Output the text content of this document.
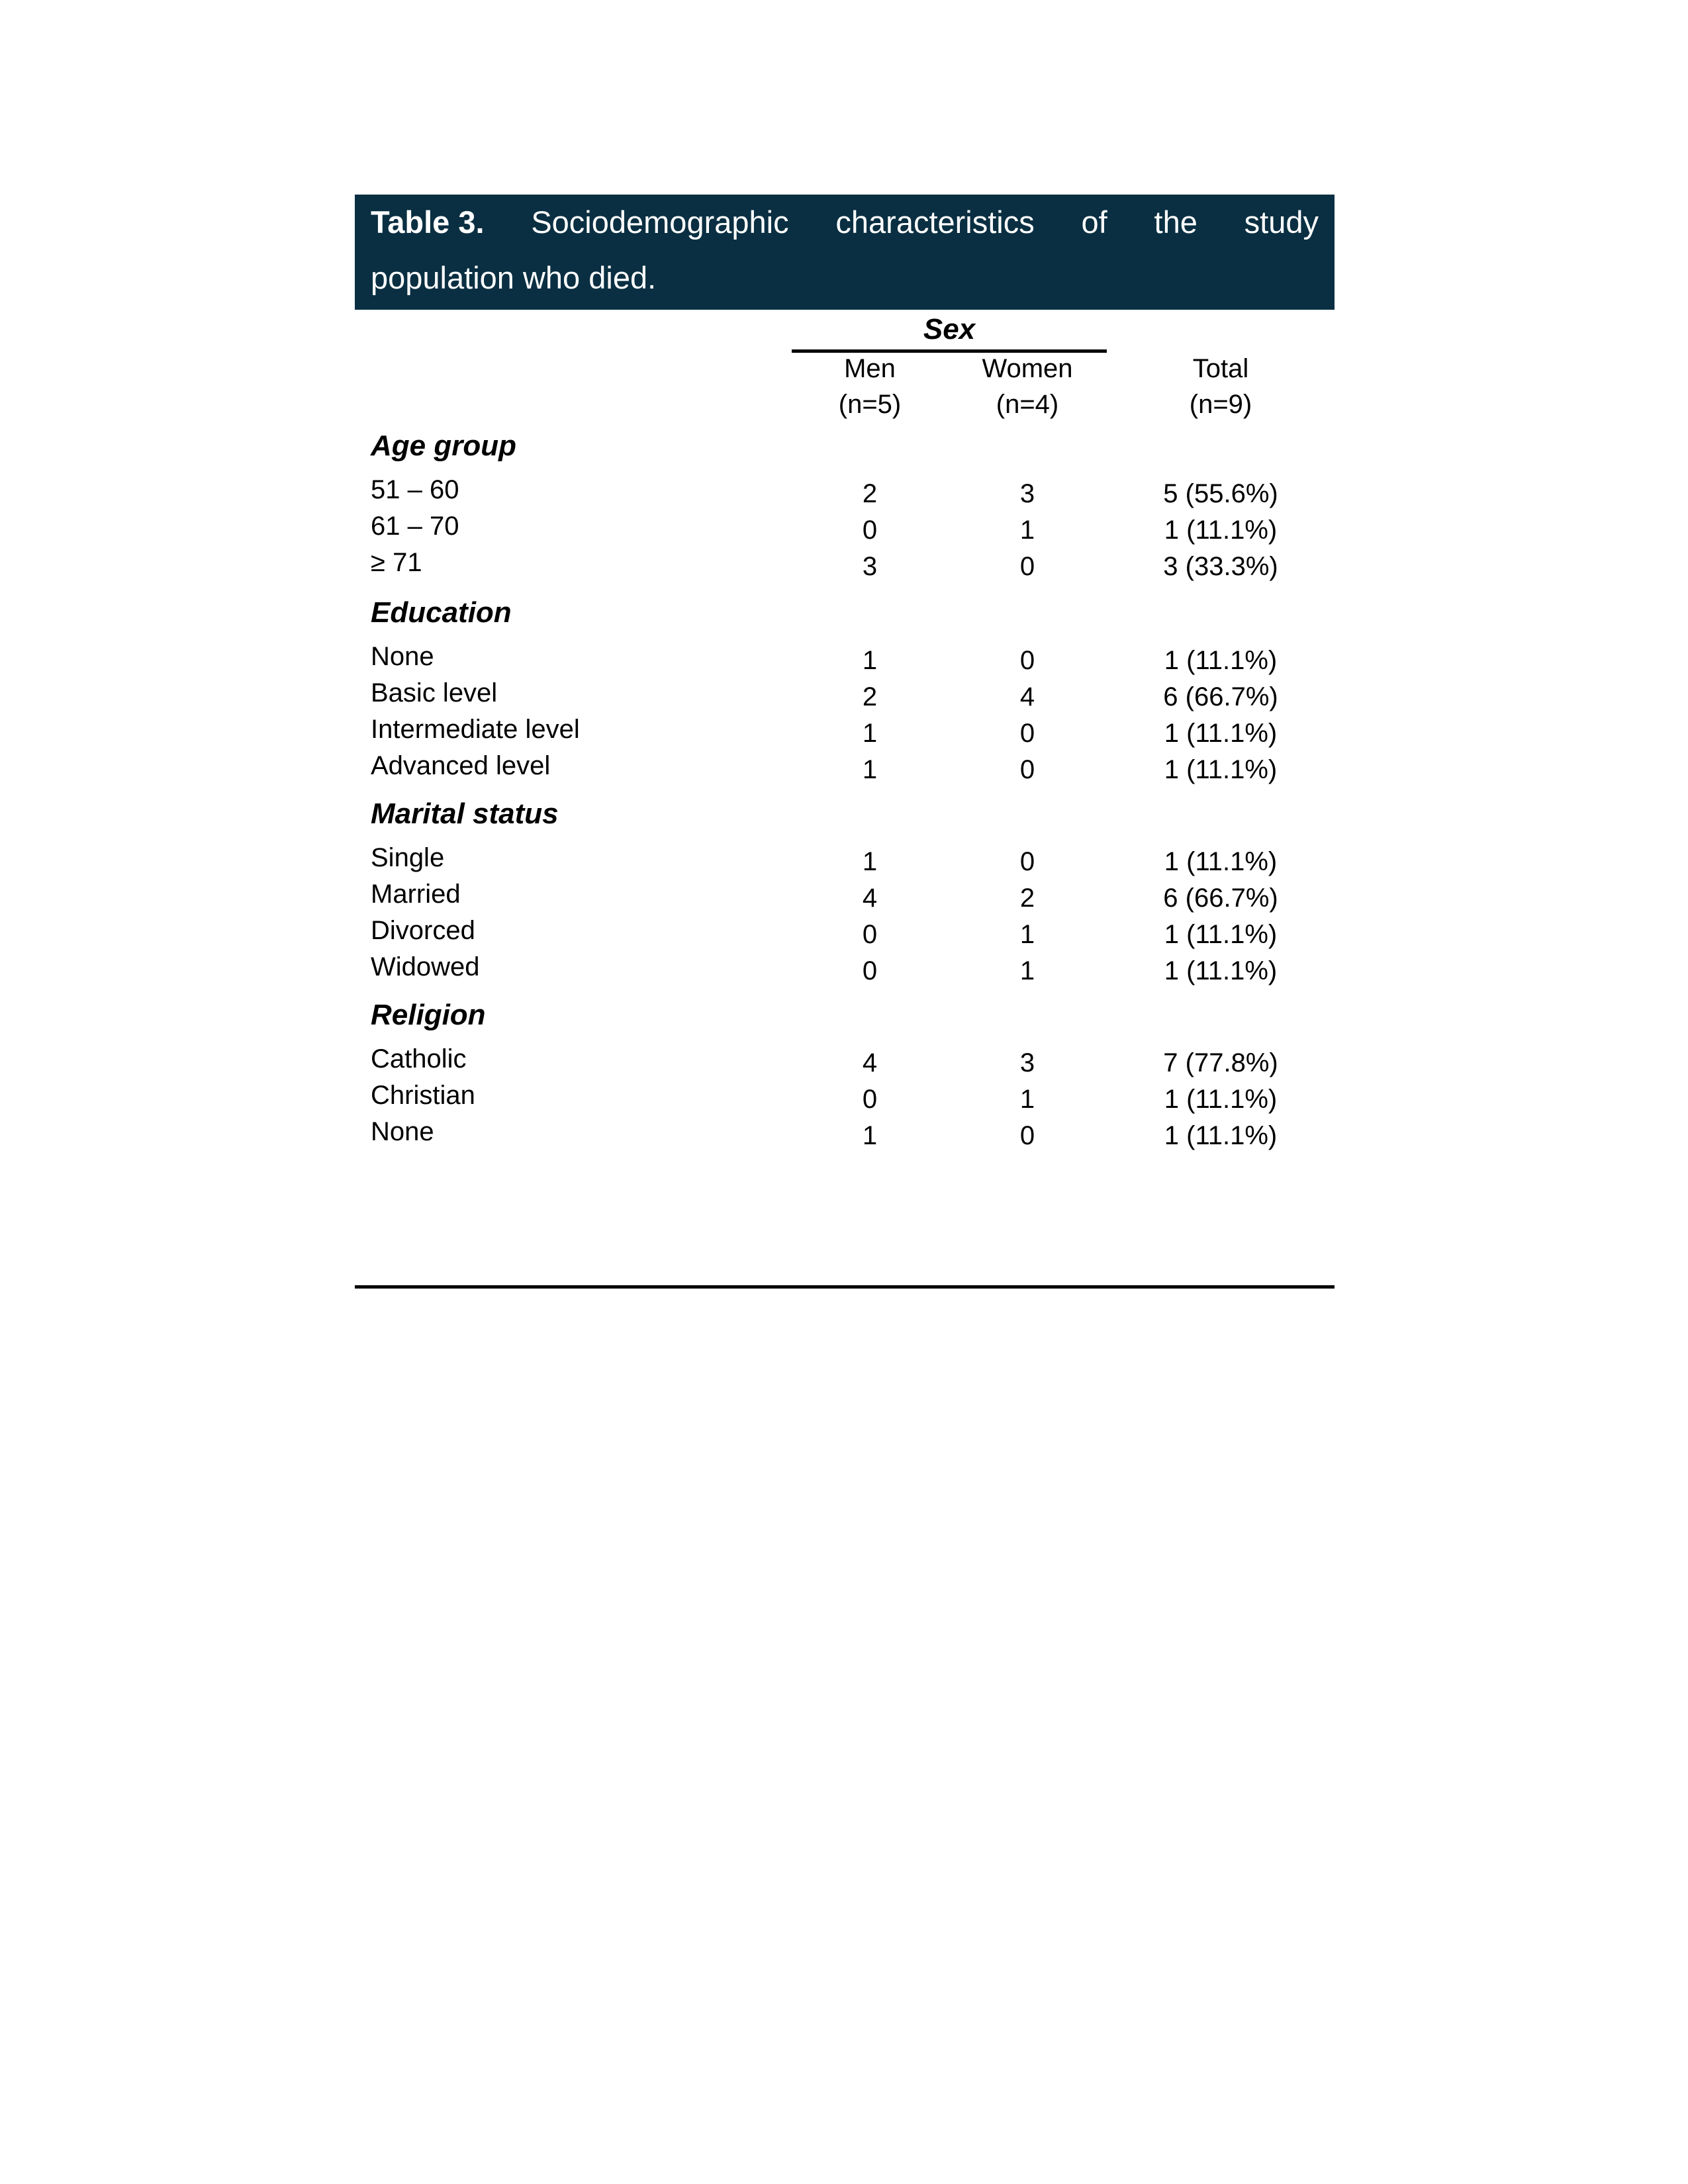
Table 3. Sociodemographic characteristics of the study
population who died.
Sex
Men
(n=5)
Women
(n=4)
Total
(n=9)
Age group
51 – 60	2	3	5 (55.6%)
61 – 70	0	1	1 (11.1%)
≥ 71	3	0	3 (33.3%)
Education
None	1	0	1 (11.1%)
Basic level	2	4	6 (66.7%)
Intermediate level	1	0	1 (11.1%)
Advanced level	1	0	1 (11.1%)
Marital status
Single	1	0	1 (11.1%)
Married	4	2	6 (66.7%)
Divorced	0	1	1 (11.1%)
Widowed	0	1	1 (11.1%)
Religion
Catholic	4	3	7 (77.8%)
Christian	0	1	1 (11.1%)
None	1	0	1 (11.1%)
